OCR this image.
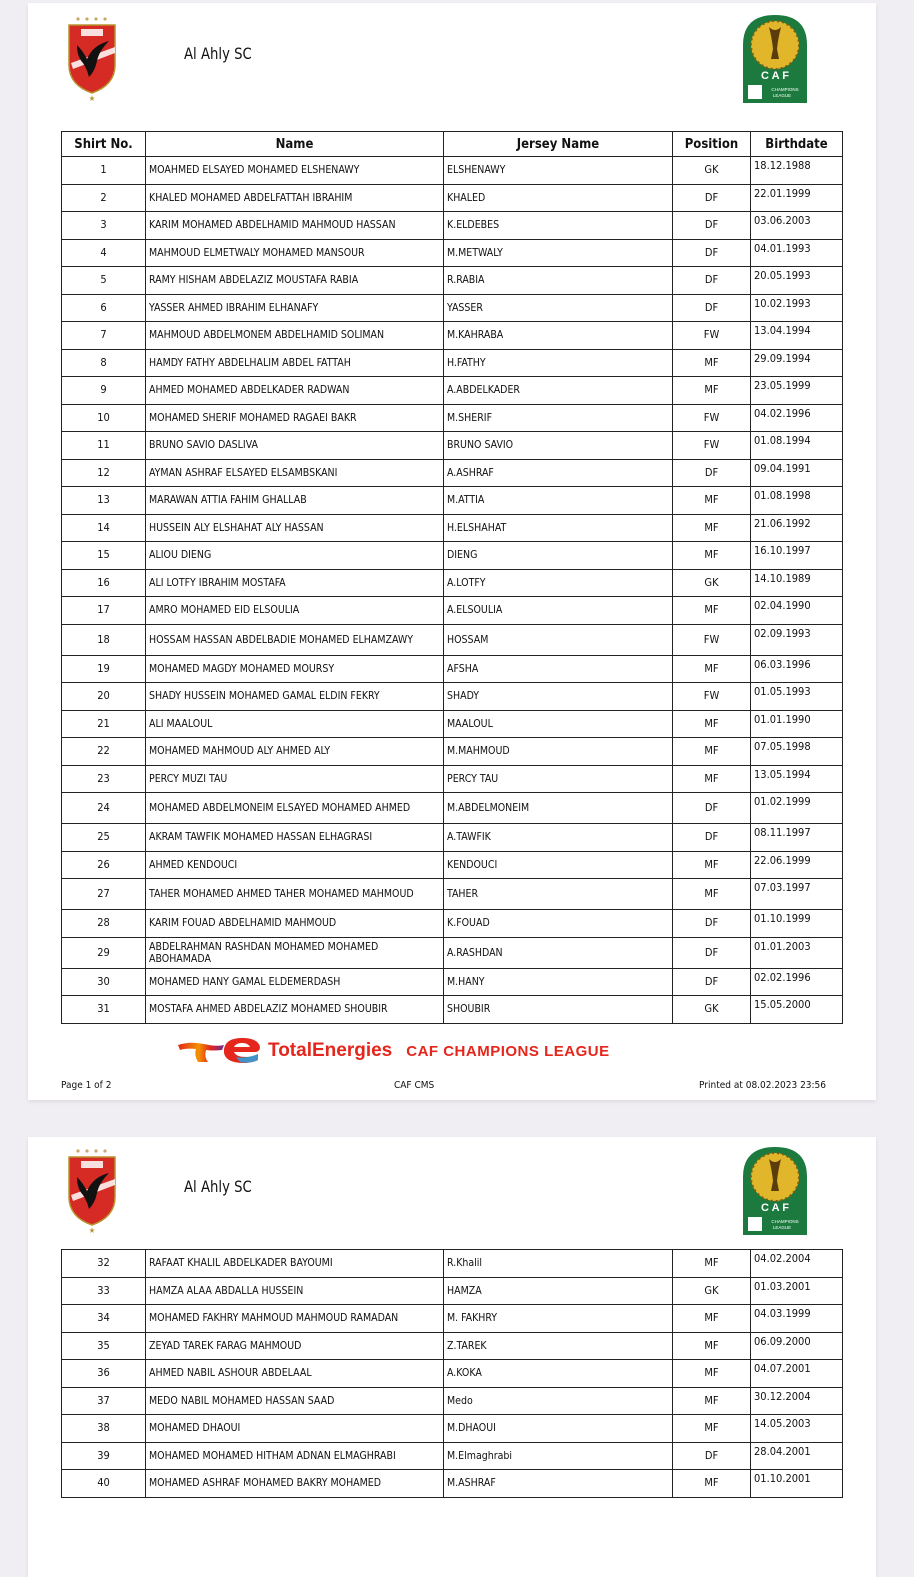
★
Al Ahly SC
C A F
CHAMPIONS
LEAGUE
Shirt No.	Name	Jersey Name	Position	Birthdate
1	MOAHMED ELSAYED MOHAMED ELSHENAWY	ELSHENAWY	GK	18.12.1988
2	KHALED MOHAMED ABDELFATTAH IBRAHIM	KHALED	DF	22.01.1999
3	KARIM MOHAMED ABDELHAMID MAHMOUD HASSAN	K.ELDEBES	DF	03.06.2003
4	MAHMOUD ELMETWALY MOHAMED MANSOUR	M.METWALY	DF	04.01.1993
5	RAMY HISHAM ABDELAZIZ MOUSTAFA RABIA	R.RABIA	DF	20.05.1993
6	YASSER AHMED IBRAHIM ELHANAFY	YASSER	DF	10.02.1993
7	MAHMOUD ABDELMONEM ABDELHAMID SOLIMAN	M.KAHRABA	FW	13.04.1994
8	HAMDY FATHY ABDELHALIM ABDEL FATTAH	H.FATHY	MF	29.09.1994
9	AHMED MOHAMED ABDELKADER RADWAN	A.ABDELKADER	MF	23.05.1999
10	MOHAMED SHERIF MOHAMED RAGAEI BAKR	M.SHERIF	FW	04.02.1996
11	BRUNO SAVIO DASLIVA	BRUNO SAVIO	FW	01.08.1994
12	AYMAN ASHRAF ELSAYED ELSAMBSKANI	A.ASHRAF	DF	09.04.1991
13	MARAWAN ATTIA FAHIM GHALLAB	M.ATTIA	MF	01.08.1998
14	HUSSEIN ALY ELSHAHAT ALY HASSAN	H.ELSHAHAT	MF	21.06.1992
15	ALIOU DIENG	DIENG	MF	16.10.1997
16	ALI LOTFY IBRAHIM MOSTAFA	A.LOTFY	GK	14.10.1989
17	AMRO MOHAMED EID ELSOULIA	A.ELSOULIA	MF	02.04.1990
18	HOSSAM HASSAN ABDELBADIE MOHAMED ELHAMZAWY	HOSSAM	FW	02.09.1993
19	MOHAMED MAGDY MOHAMED MOURSY	AFSHA	MF	06.03.1996
20	SHADY HUSSEIN MOHAMED GAMAL ELDIN FEKRY	SHADY	FW	01.05.1993
21	ALI MAALOUL	MAALOUL	MF	01.01.1990
22	MOHAMED MAHMOUD ALY AHMED ALY	M.MAHMOUD	MF	07.05.1998
23	PERCY MUZI TAU	PERCY TAU	MF	13.05.1994
24	MOHAMED ABDELMONEIM ELSAYED MOHAMED AHMED	M.ABDELMONEIM	DF	01.02.1999
25	AKRAM TAWFIK MOHAMED HASSAN ELHAGRASI	A.TAWFIK	DF	08.11.1997
26	AHMED KENDOUCI	KENDOUCI	MF	22.06.1999
27	TAHER MOHAMED AHMED TAHER MOHAMED MAHMOUD	TAHER	MF	07.03.1997
28	KARIM FOUAD ABDELHAMID MAHMOUD	K.FOUAD	DF	01.10.1999
29	ABDELRAHMAN RASHDAN MOHAMED MOHAMED ABOHAMADA	A.RASHDAN	DF	01.01.2003
30	MOHAMED HANY GAMAL ELDEMERDASH	M.HANY	DF	02.02.1996
31	MOSTAFA AHMED ABDELAZIZ MOHAMED SHOUBIR	SHOUBIR	GK	15.05.2000
TotalEnergies CAF CHAMPIONS LEAGUE
Page 1 of 2	CAF CMS	Printed at 08.02.2023 23:56
★
Al Ahly SC
C A F
CHAMPIONS
LEAGUE
32	RAFAAT KHALIL ABDELKADER BAYOUMI	R.Khalil	MF	04.02.2004
33	HAMZA ALAA ABDALLA HUSSEIN	HAMZA	GK	01.03.2001
34	MOHAMED FAKHRY MAHMOUD MAHMOUD RAMADAN	M. FAKHRY	MF	04.03.1999
35	ZEYAD TAREK FARAG MAHMOUD	Z.TAREK	MF	06.09.2000
36	AHMED NABIL ASHOUR ABDELAAL	A.KOKA	MF	04.07.2001
37	MEDO NABIL MOHAMED HASSAN SAAD	Medo	MF	30.12.2004
38	MOHAMED DHAOUI	M.DHAOUI	MF	14.05.2003
39	MOHAMED MOHAMED HITHAM ADNAN ELMAGHRABI	M.Elmaghrabi	DF	28.04.2001
40	MOHAMED ASHRAF MOHAMED BAKRY MOHAMED	M.ASHRAF	MF	01.10.2001
